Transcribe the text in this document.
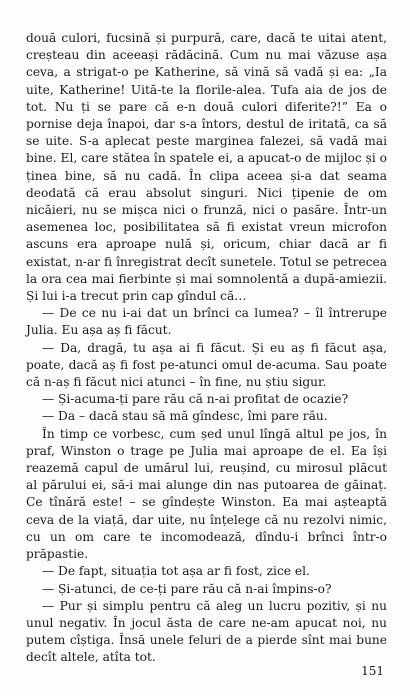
două culori, fucsină și purpură, care, dacă te uitai atent, creșteau din aceeași rădăcină. Cum nu mai văzuse așa ceva, a strigat-o pe Katherine, să vină să vadă și ea: „Ia uite, Katherine! Uită-te la florile-alea. Tufa aia de jos de tot. Nu ți se pare că e-n două culori diferite?!” Ea o pornise deja înapoi, dar s-a întors, destul de iritată, ca să se uite. S-a aplecat peste marginea falezei, să vadă mai bine. El, care stătea în spatele ei, a apucat-o de mijloc și o ținea bine, să nu cadă. În clipa aceea și-a dat seama deodată că erau absolut singuri. Nici țipenie de om nicăieri, nu se mișca nici o frunză, nici o pasăre. Într-un asemenea loc, posibilitatea să fi existat vreun microfon ascuns era aproape nulă și, oricum, chiar dacă ar fi existat, n-ar fi înregistrat decît sunetele. Totul se petrecea la ora cea mai fierbinte și mai somnolentă a după-amiezii. Și lui i-a trecut prin cap gîndul că…

— De ce nu i-ai dat un brînci ca lumea? – îl întrerupe Julia. Eu așa aș fi făcut.

— Da, dragă, tu așa ai fi făcut. Și eu aș fi făcut așa, poate, dacă aș fi fost pe-atunci omul de-acuma. Sau poate că n-aș fi făcut nici atunci – în fine, nu știu sigur.

— Și-acuma-ți pare rău că n-ai profitat de ocazie?

— Da – dacă stau să mă gîndesc, îmi pare rău.

În timp ce vorbesc, cum șed unul lîngă altul pe jos, în praf, Winston o trage pe Julia mai aproape de el. Ea își reazemă capul de umărul lui, reușind, cu mirosul plăcut al părului ei, să-i mai alunge din nas putoarea de găinaț. Ce tînără este! – se gîndește Winston. Ea mai așteaptă ceva de la viață, dar uite, nu înțelege că nu rezolvi nimic, cu un om care te incomodează, dîndu-i brînci într-o prăpastie.

— De fapt, situația tot așa ar fi fost, zice el.

— Și-atunci, de ce-ți pare rău că n-ai împins-o?

— Pur și simplu pentru că aleg un lucru pozitiv, și nu unul negativ. În jocul ăsta de care ne-am apucat noi, nu putem cîștiga. Însă unele feluri de a pierde sînt mai bune decît altele, atîta tot.

151
